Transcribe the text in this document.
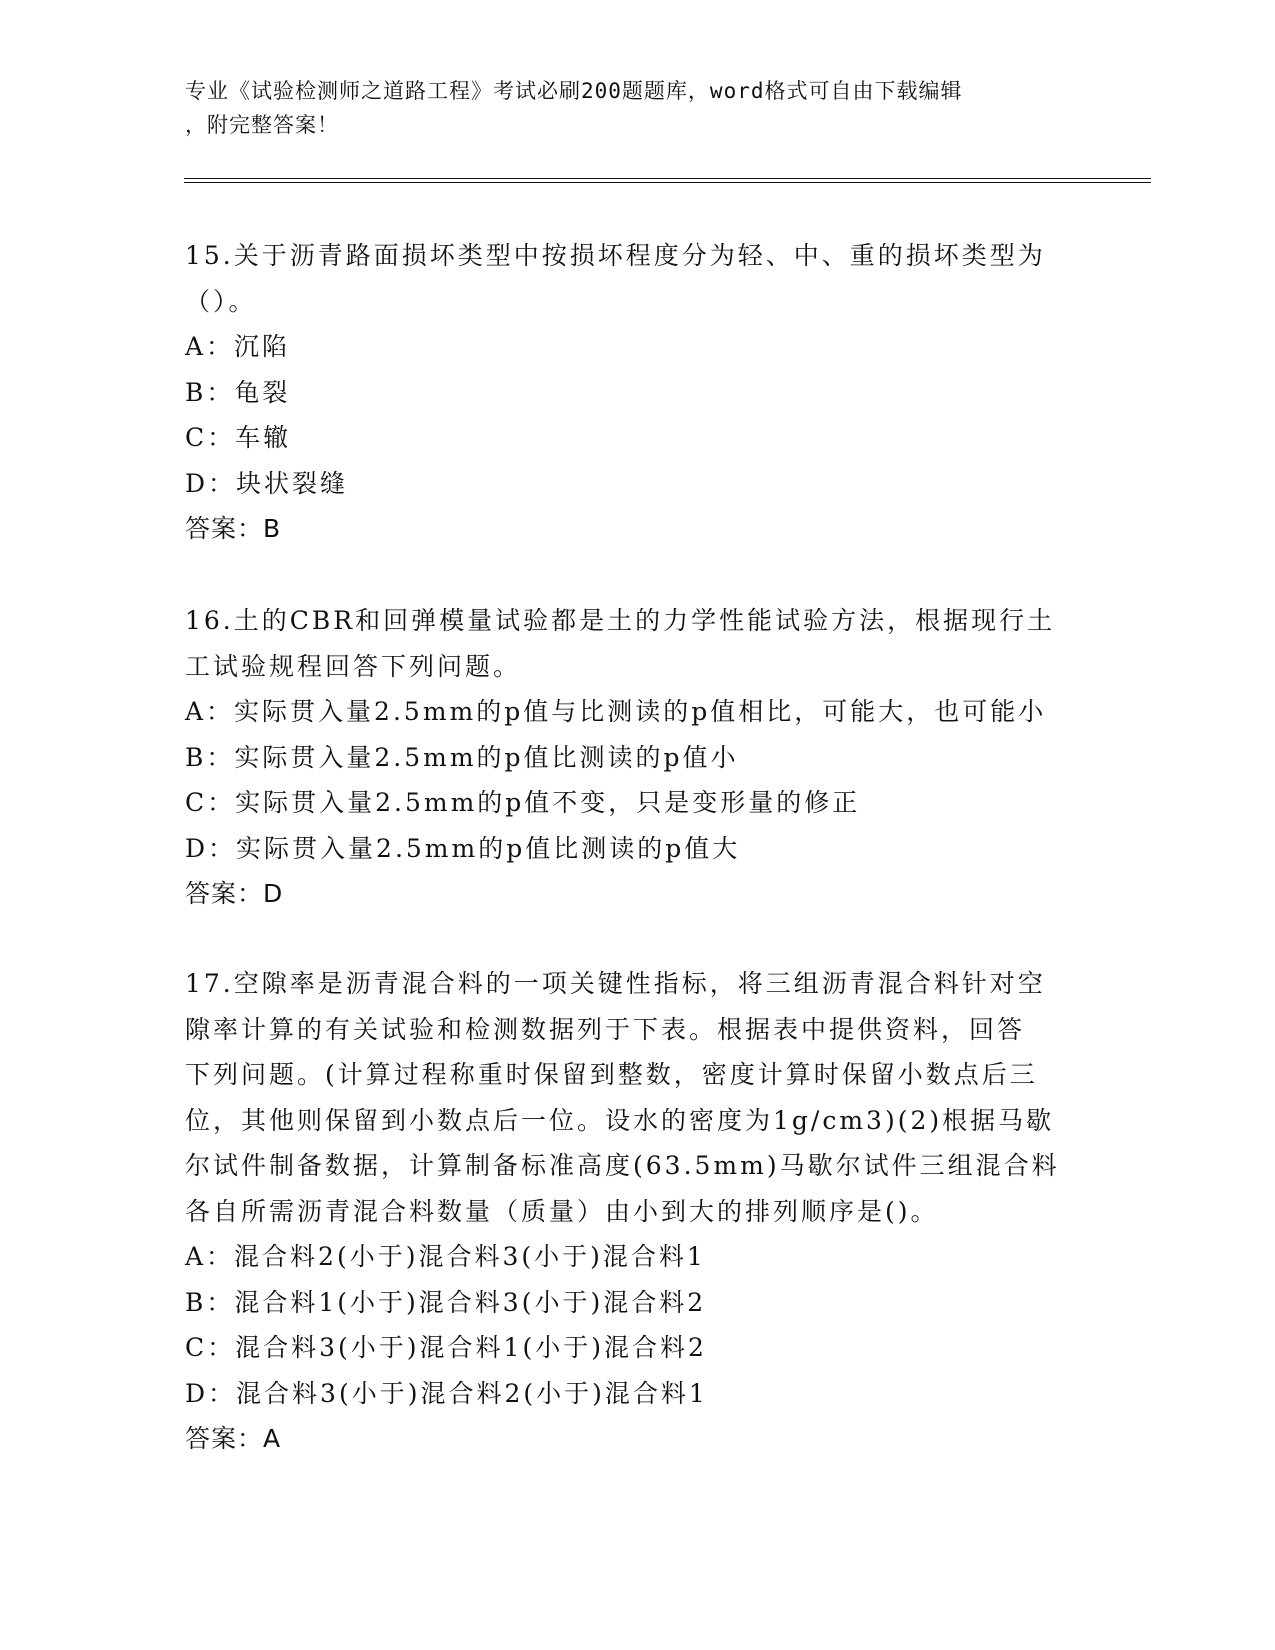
专业《试验检测师之道路工程》考试必刷200题题库，word格式可自由下载编辑
，附完整答案！
15.关于沥青路面损坏类型中按损坏程度分为轻、中、重的损坏类型为
（）。
A：沉陷
B：龟裂
C：车辙
D：块状裂缝
答案：B
16.土的CBR和回弹模量试验都是土的力学性能试验方法，根据现行土
工试验规程回答下列问题。
A：实际贯入量2.5mm的p值与比测读的p值相比，可能大，也可能小
B：实际贯入量2.5mm的p值比测读的p值小
C：实际贯入量2.5mm的p值不变，只是变形量的修正
D：实际贯入量2.5mm的p值比测读的p值大
答案：D
17.空隙率是沥青混合料的一项关键性指标，将三组沥青混合料针对空
隙率计算的有关试验和检测数据列于下表。根据表中提供资料，回答
下列问题。(计算过程称重时保留到整数，密度计算时保留小数点后三
位，其他则保留到小数点后一位。设水的密度为1g/cm3)(2)根据马歇
尔试件制备数据，计算制备标准高度(63.5mm)马歇尔试件三组混合料
各自所需沥青混合料数量（质量）由小到大的排列顺序是()。
A：混合料2(小于)混合料3(小于)混合料1
B：混合料1(小于)混合料3(小于)混合料2
C：混合料3(小于)混合料1(小于)混合料2
D：混合料3(小于)混合料2(小于)混合料1
答案：A
